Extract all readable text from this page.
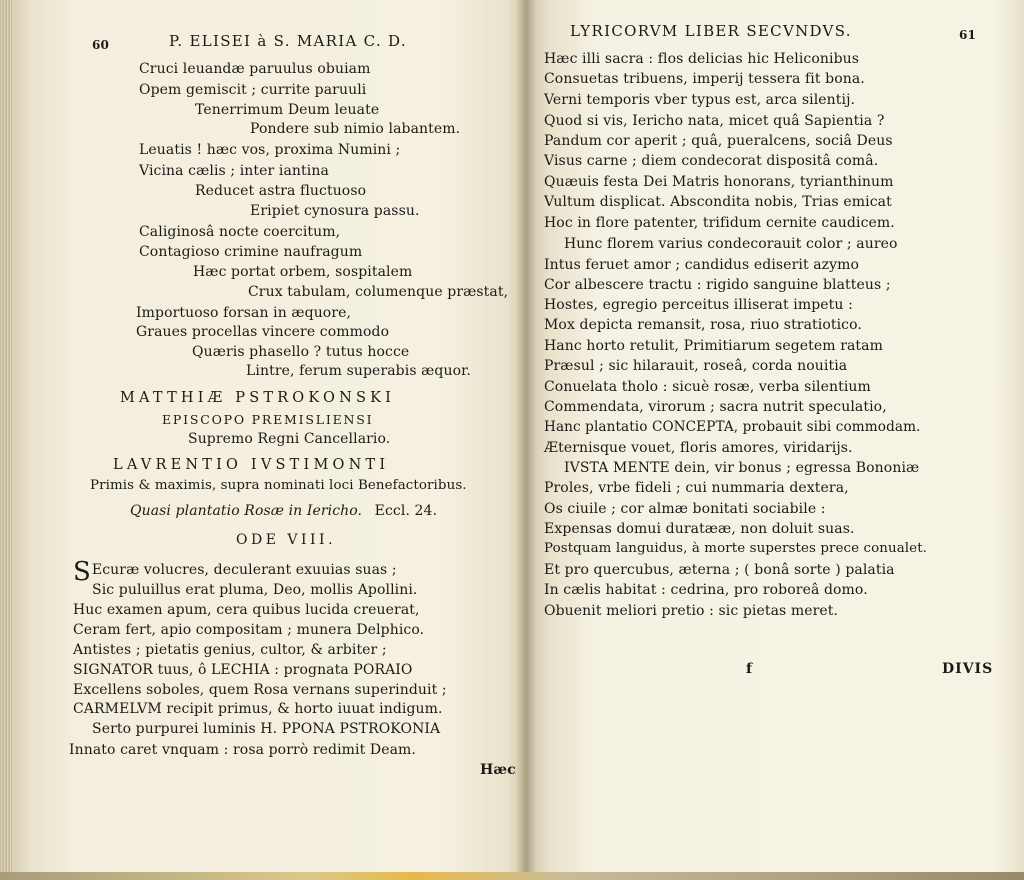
60	P. ELISEI à S. MARIA C. D.
Cruci leuandæ paruulus obuiam
Opem gemiscit ; currite paruuli
Tenerrimum Deum leuate
Pondere sub nimio labantem.
Leuatis ! hæc vos, proxima Numini ;
Vicina cælis ; inter iantina
Reducet astra fluctuoso
Eripiet cynosura passu.
Caliginosâ nocte coercitum,
Contagioso crimine naufragum
Hæc portat orbem, sospitalem
Crux tabulam, columenque præstat,
Importuoso forsan in æquore,
Graues procellas vincere commodo
Quæris phasello ? tutus hocce
Lintre, ferum superabis æquor.
MATTHIÆ PSTROKONSKI
EPISCOPO PREMISLIENSI
Supremo Regni Cancellario.
LAVRENTIO IVSTIMONTI
Primis & maximis, supra nominati loci Benefactoribus.
Quasi plantatio Rosæ in Iericho. Eccl. 24.
ODE VIII.
SEcuræ volucres, deculerant exuuias suas ;
Sic puluillus erat pluma, Deo, mollis Apollini.
Huc examen apum, cera quibus lucida creuerat,
Ceram fert, apio compositam ; munera Delphico.
Antistes ; pietatis genius, cultor, & arbiter ;
SIGNATOR tuus, ô LECHIA : prognata PORAIO
Excellens soboles, quem Rosa vernans superinduit ;
CARMELVM recipit primus, & horto iuuat indigum.
Serto purpurei luminis H. PPONA PSTROKONIA
Innato caret vnquam : rosa porrò redimit Deam.
Hæc
LYRICORVM LIBER SECVNDVS.	61
Hæc illi sacra : flos delicias hic Heliconibus
Consuetas tribuens, imperij tessera fit bona.
Verni temporis vber typus est, arca silentij.
Quod si vis, Iericho nata, micet quâ Sapientia ?
Pandum cor aperit ; quâ, pueralcens, sociâ Deus
Visus carne ; diem condecorat dispositâ comâ.
Quæuis festa Dei Matris honorans, tyrianthinum
Vultum displicat. Abscondita nobis, Trias emicat
Hoc in flore patenter, trifidum cernite caudicem.
Hunc florem varius condecorauit color ; aureo
Intus feruet amor ; candidus ediserit azymo
Cor albescere tractu : rigido sanguine blatteus ;
Hostes, egregio perceitus illiserat impetu :
Mox depicta remansit, rosa, riuo stratiotico.
Hanc horto retulit, Primitiarum segetem ratam
Præsul ; sic hilarauit, roseâ, corda nouitia
Conuelata tholo : sicuè rosæ, verba silentium
Commendata, virorum ; sacra nutrit speculatio,
Hanc plantatio CONCEPTA, probauit sibi commodam.
Æternisque vouet, floris amores, viridarijs.
IVSTA MENTE dein, vir bonus ; egressa Bononiæ
Proles, vrbe fideli ; cui nummaria dextera,
Os ciuile ; cor almæ bonitati sociabile :
Expensas domui duratææ, non doluit suas.
Postquam languidus, à morte superstes prece conualet.
Et pro quercubus, æterna ; ( bonâ sorte ) palatia
In cælis habitat : cedrina, pro roboreâ domo.
Obuenit meliori pretio : sic pietas meret.
f	DIVIS
